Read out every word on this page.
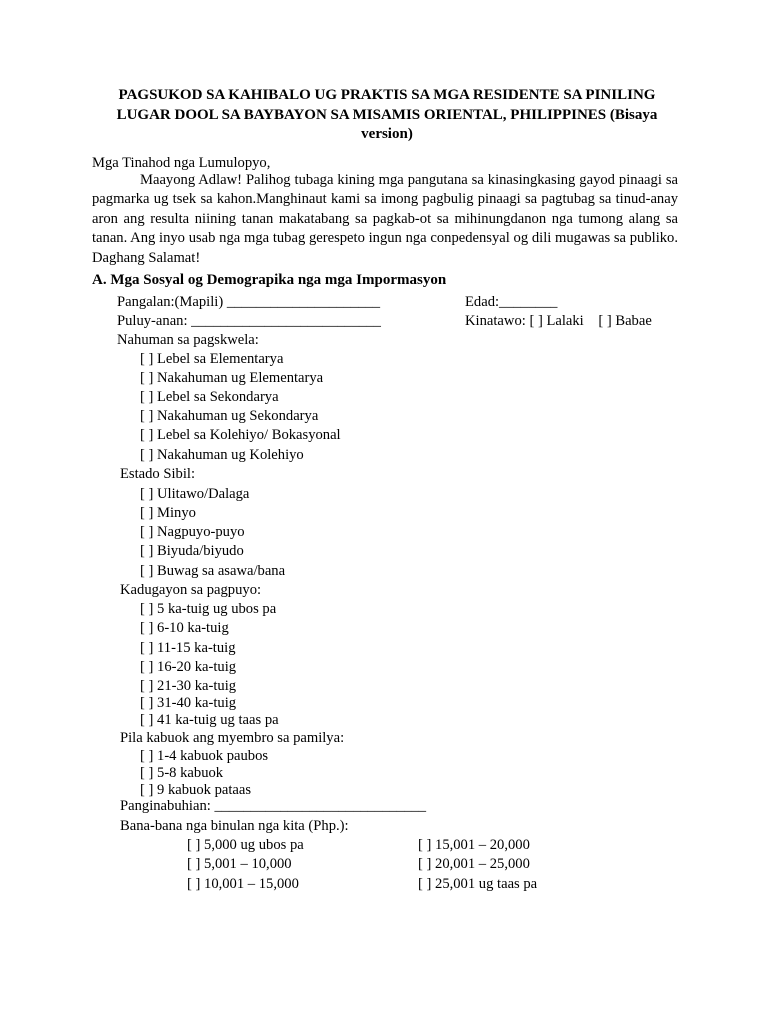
PAGSUKOD SA KAHIBALO UG PRAKTIS SA MGA RESIDENTE SA PINILING LUGAR DOOL SA BAYBAYON SA MISAMIS ORIENTAL, PHILIPPINES (Bisaya version)
Mga Tinahod nga Lumulopyo,
Maayong Adlaw! Palihog tubaga kining mga pangutana sa kinasingkasing gayod pinaagi sa pagmarka ug tsek sa kahon.Manghinaut kami sa imong pagbulig pinaagi sa pagtubag sa tinud-anay aron ang resulta niining tanan makatabang sa pagkab-ot sa mihinungdanon nga tumong alang sa tanan. Ang inyo usab nga mga tubag gerespeto ingun nga conpedensyal og dili mugawas sa publiko. Daghang Salamat!
A. Mga Sosyal og Demograpika nga mga Impormasyon
Pangalan:(Mapili) _____________________	Edad:________
Puluy-anan: __________________________	Kinatawo: [ ] Lalaki    [ ] Babae
Nahuman sa pagskwela:
[ ] Lebel sa Elementarya
[ ] Nakahuman ug Elementarya
[ ] Lebel sa Sekondarya
[ ] Nakahuman ug Sekondarya
[ ] Lebel sa Kolehiyo/ Bokasyonal
[ ] Nakahuman ug Kolehiyo
Estado Sibil:
[ ] Ulitawo/Dalaga
[ ] Minyo
[ ] Nagpuyo-puyo
[ ] Biyuda/biyudo
[ ] Buwag sa asawa/bana
Kadugayon sa pagpuyo:
[ ] 5 ka-tuig ug ubos pa
[ ] 6-10 ka-tuig
[ ] 11-15 ka-tuig
[ ] 16-20 ka-tuig
[ ] 21-30 ka-tuig
[ ] 31-40 ka-tuig
[ ] 41 ka-tuig ug taas pa
Pila kabuok ang myembro sa pamilya:
[ ] 1-4 kabuok paubos
[ ] 5-8 kabuok
[ ] 9 kabuok pataas
Panginabuhian: _____________________________
Bana-bana nga binulan nga kita (Php.):
[ ] 5,000 ug ubos pa
[ ] 5,001 – 10,000
[ ] 10,001 – 15,000
[ ] 15,001 – 20,000
[ ] 20,001 – 25,000
[ ] 25,001 ug taas pa
